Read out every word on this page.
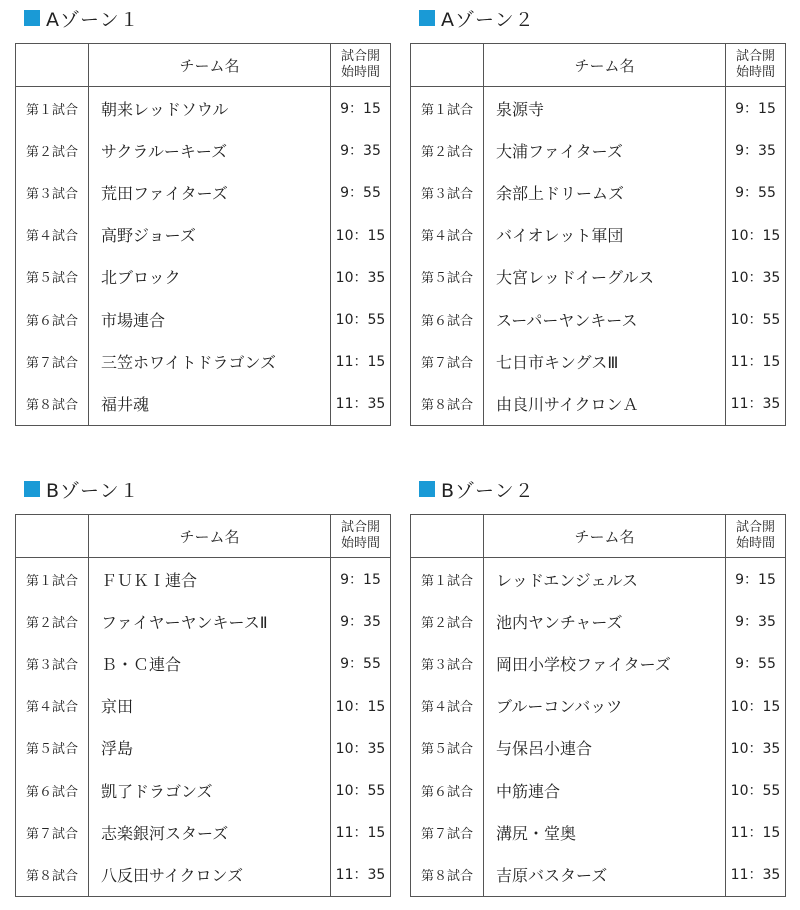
Aゾーン１
	チーム名	試合開
始時間
第１試合	朝来レッドソウル	9：15
第２試合	サクラルーキーズ	9：35
第３試合	荒田ファイターズ	9：55
第４試合	高野ジョーズ	10：15
第５試合	北ブロック	10：35
第６試合	市場連合	10：55
第７試合	三笠ホワイトドラゴンズ	11：15
第８試合	福井魂	11：35
Aゾーン２
	チーム名	試合開
始時間
第１試合	泉源寺	9：15
第２試合	大浦ファイターズ	9：35
第３試合	余部上ドリームズ	9：55
第４試合	バイオレット軍団	10：15
第５試合	大宮レッドイーグルス	10：35
第６試合	スーパーヤンキース	10：55
第７試合	七日市キングスⅢ	11：15
第８試合	由良川サイクロンＡ	11：35
Bゾーン１
	チーム名	試合開
始時間
第１試合	ＦＵＫＩ連合	9：15
第２試合	ファイヤーヤンキースⅡ	9：35
第３試合	Ｂ・Ｃ連合	9：55
第４試合	京田	10：15
第５試合	浮島	10：35
第６試合	凱了ドラゴンズ	10：55
第７試合	志楽銀河スターズ	11：15
第８試合	八反田サイクロンズ	11：35
Bゾーン２
	チーム名	試合開
始時間
第１試合	レッドエンジェルス	9：15
第２試合	池内ヤンチャーズ	9：35
第３試合	岡田小学校ファイターズ	9：55
第４試合	ブルーコンバッツ	10：15
第５試合	与保呂小連合	10：35
第６試合	中筋連合	10：55
第７試合	溝尻・堂奥	11：15
第８試合	吉原バスターズ	11：35
